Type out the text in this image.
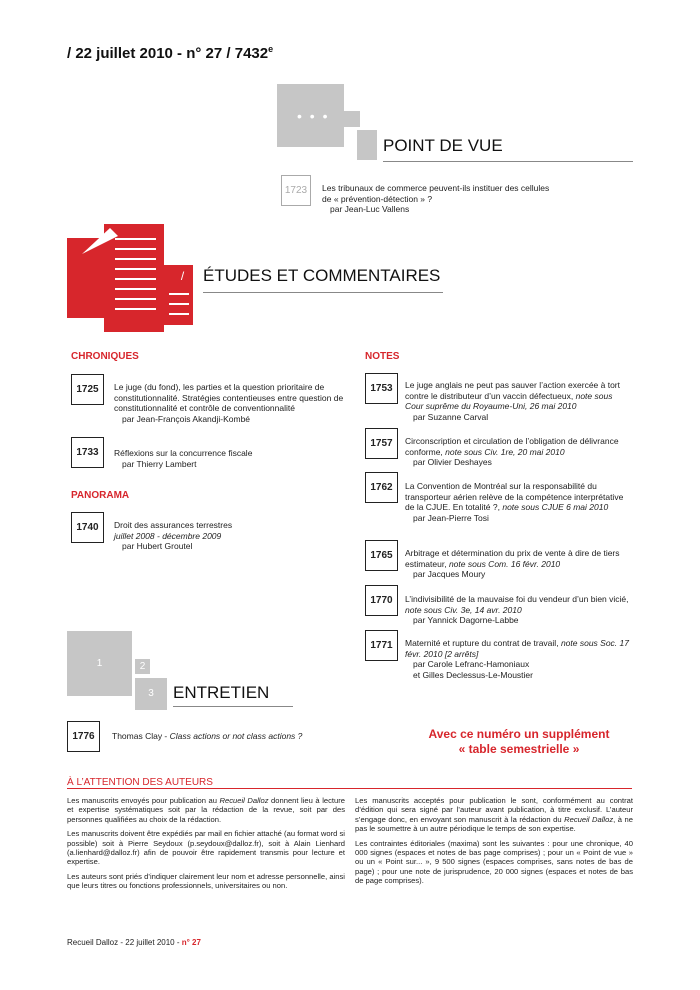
/ 22 juillet 2010 - n° 27 / 7432e
• • •
POINT DE VUE
1723	Les tribunaux de commerce peuvent-ils instituer des cellules de « prévention-détection » ?
par Jean-Luc Vallens
/	ÉTUDES ET COMMENTAIRES
CHRONIQUES
1725	Le juge (du fond), les parties et la question prioritaire de constitutionnalité. Stratégies contentieuses entre question de constitutionnalité et contrôle de conventionnalité
par Jean-François Akandji-Kombé
1733	Réflexions sur la concurrence fiscale
par Thierry Lambert
PANORAMA
1740	Droit des assurances terrestres
juillet 2008 - décembre 2009
par Hubert Groutel
NOTES
1753	Le juge anglais ne peut pas sauver l’action exercée à tort contre le distributeur d’un vaccin défectueux, note sous Cour suprême du Royaume-Uni, 26 mai 2010
par Suzanne Carval
1757	Circonscription et circulation de l’obligation de délivrance conforme, note sous Civ. 1re, 20 mai 2010
par Olivier Deshayes
1762	La Convention de Montréal sur la responsabilité du transporteur aérien relève de la compétence interprétative de la CJUE. En totalité ?, note sous CJUE 6 mai 2010
par Jean-Pierre Tosi
1765	Arbitrage et détermination du prix de vente à dire de tiers estimateur, note sous Com. 16 févr. 2010
par Jacques Moury
1770	L’indivisibilité de la mauvaise foi du vendeur d’un bien vicié, note sous Civ. 3e, 14 avr. 2010
par Yannick Dagorne-Labbe
1771	Maternité et rupture du contrat de travail, note sous Soc. 17 févr. 2010 [2 arrêts]
par Carole Lefranc-Hamoniaux
et Gilles Declessus-Le-Moustier
1	2
3	ENTRETIEN
1776	Thomas Clay - Class actions or not class actions ?	Avec ce numéro un supplément
« table semestrielle »
À L’ATTENTION DES AUTEURS

Les manuscrits envoyés pour publication au Recueil Dalloz donnent lieu à lecture et expertise systématiques soit par la rédaction de la revue, soit par des personnes qualifiées au choix de la rédaction.

Les manuscrits doivent être expédiés par mail en fichier attaché (au format word si possible) soit à Pierre Seydoux (p.seydoux@dalloz.fr), soit à Alain Lienhard (a.lienhard@dalloz.fr) afin de pouvoir être rapidement transmis pour lecture et expertise.

Les auteurs sont priés d’indiquer clairement leur nom et adresse personnelle, ainsi que leurs titres ou fonctions professionnels, universitaires ou non.

Les manuscrits acceptés pour publication le sont, conformément au contrat d’édition qui sera signé par l’auteur avant publication, à titre exclusif. L’auteur s’engage donc, en envoyant son manuscrit à la rédaction du Recueil Dalloz, à ne pas le soumettre à un autre périodique le temps de son expertise.

Les contraintes éditoriales (maxima) sont les suivantes : pour une chronique, 40 000 signes (espaces et notes de bas page comprises) ; pour un « Point de vue » ou un « Point sur... », 9 500 signes (espaces comprises, sans notes de bas de page) ; pour une note de jurisprudence, 20 000 signes (espaces et notes de bas de page comprises).

Recueil Dalloz - 22 juillet 2010 - n° 27
